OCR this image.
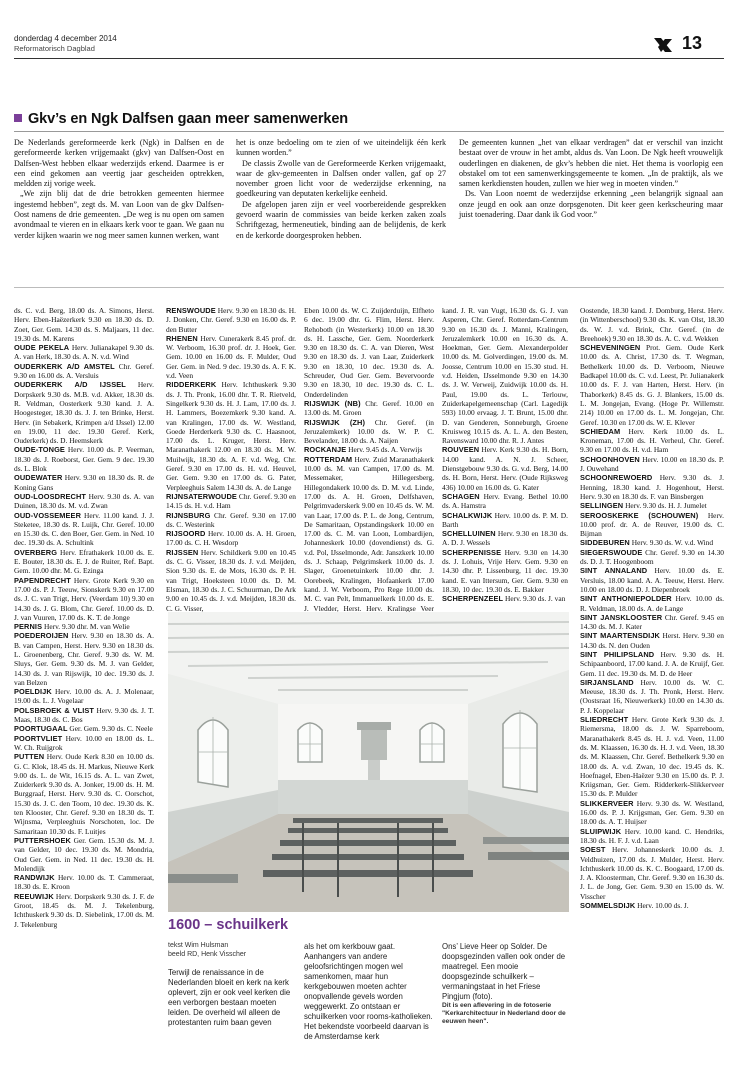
donderdag 4 december 2014
Reformatorisch Dagblad	13
Gkv’s en Ngk Dalfsen gaan meer samenwerken

De Nederlands gereformeerde kerk (Ngk) in Dalfsen en de gereformeerde kerken vrijgemaakt (gkv) van Dalfsen-Oost en Dalfsen-West hebben elkaar wederzijds erkend. Daarmee is er een eind gekomen aan veertig jaar gescheiden optrekken, meldden zij vorige week.

„We zijn blij dat de drie betrokken gemeenten hiermee ingestemd hebben”, zegt ds. M. van Loon van de gkv Dalfsen-Oost namens de drie gemeenten. „De weg is nu open om samen avondmaal te vieren en in elkaars kerk voor te gaan. We gaan nu verder kijken waarin we nog meer samen kunnen werken, want

het is onze bedoeling om te zien of we uiteindelijk één kerk kunnen worden.”

De classis Zwolle van de Gereformeerde Kerken vrijgemaakt, waar de gkv-gemeenten in Dalfsen onder vallen, gaf op 27 november groen licht voor de wederzijdse erkenning, na goedkeuring van deputaten kerkelijke eenheid.

De afgelopen jaren zijn er veel voorbereidende gesprekken gevoerd waarin de commissies van beide kerken zaken zoals Schriftgezag, hermeneutiek, binding aan de belijdenis, de kerk en de kerkorde doorgesproken hebben.

De gemeenten kunnen „het van elkaar verdragen” dat er verschil van inzicht bestaat over de vrouw in het ambt, aldus ds. Van Loon. De Ngk heeft vrouwelijk ouderlingen en diakenen, de gkv’s hebben die niet. Het thema is voorlopig een obstakel om tot een samenwerkingsgemeente te komen. „In de praktijk, als we samen kerkdiensten houden, zullen we hier weg in moeten vinden.”

Ds. Van Loon noemt de wederzijdse erkenning „een belangrijk signaal aan onze jeugd en ook aan onze dorpsgenoten. Dit keer geen kerkscheuring maar juist toenadering. Daar dank ik God voor.”

ds. C. v.d. Berg, 18.00 ds. A. Simons, Herst. Herv. Eben-Haëzerkerk 9.30 en 18.30 ds. D. Zoet, Ger. Gem. 14.30 ds. S. Maljaars, 11 dec. 19.30 ds. M. Karens

OUDE PEKELA Herv. Julianakapel 9.30 ds. A. van Herk, 18.30 ds. A. N. v.d. Wind

OUDERKERK A/D AMSTEL Chr. Geref. 9.30 en 16.00 ds. A. Versluis

OUDERKERK A/D IJSSEL Herv. Dorpskerk 9.30 ds. M.B. v.d. Akker, 18.30 ds. R. Veldman, Oosterkerk 9.30 kand. J. A. Hoogesteger, 18.30 ds. J. J. ten Brinke, Herst. Herv. (in Sebakerk, Krimpen a/d IJssel) 12.00 en 19.00, 11 dec. 19.30 Geref. Kerk, Ouderkerk) ds. D. Heemskerk

OUDE-TONGE Herv. 10.00 ds. P. Veerman, 18.30 ds. J. Roeborst, Ger. Gem. 9 dec. 19.30 ds. L. Blok

OUDEWATER Herv. 9.30 en 18.30 ds. R. de Koning Gans

OUD-LOOSDRECHT Herv. 9.30 ds. A. van Duinen, 18.30 ds. M. v.d. Zwan

OUD-VOSSEMEER Herv. 11.00 kand. J. J. Steketee, 18.30 ds. R. Luijk, Chr. Geref. 10.00 en 15.30 ds. C. den Boer, Ger. Gem. in Ned. 10 dec. 19.30 ds. A. Schultink

OVERBERG Herv. Efrathakerk 10.00 ds. E. E. Bouter, 18.30 ds. E. J. de Ruiter, Ref. Bapt. Gem. 10.00 dhr. M. G. Ezinga

PAPENDRECHT Herv. Grote Kerk 9.30 en 17.00 ds. P. J. Teeuw, Sionskerk 9.30 en 17.00 ds. J. C. van Trigt, Herv. (Veerdam 10) 9.30 en 14.30 ds. J. G. Blom, Chr. Geref. 10.00 ds. D. J. van Vuuren, 17.00 ds. K. T. de Jonge

PERNIS Herv. 9.30 dhr. M. van Welie

POEDEROIJEN Herv. 9.30 en 18.30 ds. A. B. van Campen, Herst. Herv. 9.30 en 18.30 ds. L. Groenenberg, Chr. Geref. 9.30 ds. W. M. Sluys, Ger. Gem. 9.30 ds. M. J. van Gelder, 14.30 ds. J. van Rijswijk, 10 dec. 19.30 ds. J. van Belzen

POELDIJK Herv. 10.00 ds. A. J. Molenaar, 19.00 ds. L. J. Vogelaar

POLSBROEK & VLIST Herv. 9.30 ds. J. T. Maas, 18.30 ds. C. Bos

POORTUGAAL Ger. Gem. 9.30 ds. C. Neele

POORTVLIET Herv. 10.00 en 18.00 ds. L. W. Ch. Ruijgrok

PUTTEN Herv. Oude Kerk 8.30 en 10.00 ds. G. C. Klok, 18.45 ds. H. Markus, Nieuwe Kerk 9.00 ds. L. de Wit, 16.15 ds. A. L. van Zwet, Zuiderkerk 9.30 ds. A. Jonker, 19.00 ds. H. M. Burggraaf, Herst. Herv. 9.30 ds. C. Oorschot, 15.30 ds. J. C. den Toom, 10 dec. 19.30 ds. K. ten Klooster, Chr. Geref. 9.30 en 18.30 ds. T. Wijnsma, Verpleeghuis Norschoten, loc. De Samaritaan 10.30 ds. F. Luitjes

PUTTERSHOEK Ger. Gem. 15.30 ds. M. J. van Gelder, 10 dec. 19.30 ds. M. Mondria, Oud Ger. Gem. in Ned. 11 dec. 19.30 ds. H. Molendijk

RANDWIJK Herv. 10.00 ds. T. Cammeraat, 18.30 ds. E. Kroon

REEUWIJK Herv. Dorpskerk 9.30 ds. J. F. de Groot, 18.45 ds. M. J. Tekelenburg, Ichthuskerk 9.30 ds. D. Siebelink, 17.00 ds. M. J. Tekelenburg

RENSWOUDE Herv. 9.30 en 18.30 ds. H. J. Donken, Chr. Geref. 9.30 en 16.00 ds. P. den Butter

RHENEN Herv. Cunerakerk 8.45 prof. dr. W. Verboom, 16.30 prof. dr. J. Hoek, Ger. Gem. 10.00 en 16.00 ds. F. Mulder, Oud Ger. Gem. in Ned. 9 dec. 19.30 ds. A. F. K. v.d. Veen

RIDDERKERK Herv. Ichthuskerk 9.30 ds. J. Th. Pronk, 16.00 dhr. T. R. Rietveld, Singelkerk 9.30 ds. H. J. Lam, 17.00 ds. J. H. Lammers, Boezemkerk 9.30 kand. A. van Kralingen, 17.00 ds. W. Westland, Goede Herderkerk 9.30 ds. C. Haasnoot, 17.00 ds. L. Kruger, Herst. Herv. Maranathakerk 12.00 en 18.30 ds. M. W. Muilwijk, 18.30 ds. A. F. v.d. Weg, Chr. Geref. 9.30 en 17.00 ds. H. v.d. Heuvel, Ger. Gem. 9.30 en 17.00 ds. G. Pater, Verpleeghuis Salem 14.30 ds. A. de Lange

RIJNSATERWOUDE Chr. Geref. 9.30 en 14.15 ds. H. v.d. Ham

RIJNSBURG Chr. Geref. 9.30 en 17.00 ds. C. Westerink

RIJSOORD Herv. 10.00 ds. A. H. Groen, 17.00 ds. C. H. Wesdorp

RIJSSEN Herv. Schildkerk 9.00 en 10.45 ds. C. G. Visser, 18.30 ds. J. v.d. Meijden, Sion 9.30 ds. E. de Mots, 16.30 ds. P. H. van Trigt, Hoeksteen 10.00 ds. D. M. Elsman, 18.30 ds. J. C. Schuurman, De Ark 9.00 en 10.45 ds. J. v.d. Meijden, 18.30 ds. C. G. Visser,

Eben 10.00 ds. W. C. Zuijderduijn, Elfheto 6 dec. 19.00 dhr. G. Flim, Herst. Herv. Rehoboth (in Westerkerk) 10.00 en 18.30 ds. H. Lassche, Ger. Gem. Noorderkerk 9.30 en 18.30 ds. C. A. van Dieren, West 9.30 en 18.30 ds. J. van Laar, Zuiderkerk 9.30 en 18.30, 10 dec. 19.30 ds. A. Schreuder, Oud Ger. Gem. Bevervoorde 9.30 en 18.30, 10 dec. 19.30 ds. C. L. Onderdelinden

RIJSWIJK (NB) Chr. Geref. 10.00 en 13.00 ds. M. Groen

RIJSWIJK (ZH) Chr. Geref. (in Jeruzalemkerk) 10.00 ds. W. P. C. Bevelander, 18.00 ds. A. Naijen

ROCKANJE Herv. 9.45 ds. A. Verwijs

ROTTERDAM Herv. Zuid Maranathakerk 10.00 ds. M. van Campen, 17.00 ds. M. Messemaker, Hillegersberg, Hillegondakerk 10.00 ds. D. M. v.d. Linde, 17.00 ds. A. H. Groen, Delfshaven, Pelgrimvaderskerk 9.00 en 10.45 ds. W. M. van Laar, 17.00 ds. P. L. de Jong, Centrum, De Samaritaan, Opstandingskerk 10.00 en 17.00 ds. C. M. van Loon, Lombardijen, Johanneskerk 10.00 (dovendienst) ds. G. v.d. Pol, IJsselmonde, Adr. Janszkerk 10.00 ds. J. Schaap, Pelgrimskerk 10.00 ds. J. Slager, Groenetuinkerk 10.00 dhr. J. Oorebeek, Kralingen, Hofaankerk 17.00 kand. J. W. Verboom, Pro Rege 10.00 ds. M. C. van Pelt, Immanuelkerk 10.00 ds. E. J. Vledder, Herst. Herv. Kralingse Veer

kand. J. R. van Vugt, 16.30 ds. G. J. van Asperen, Chr. Geref. Rotterdam-Centrum 9.30 en 16.30 ds. J. Manni, Kralingen, Jeruzalemkerk 10.00 en 16.30 ds. A. Hoekman, Ger. Gem. Alexanderpolder 10.00 ds. M. Golverdingen, 19.00 ds. M. Joosse, Centrum 10.00 en 15.30 stud. H. v.d. Heiden, IJsselmonde 9.30 en 14.30 ds. J. W. Verweij, Zuidwijk 10.00 ds. H. Paul, 19.00 ds. L. Terlouw, Zuiderkapelgemeenschap (Carl. Lagedijk 593) 10.00 ervaag. J. T. Brunt, 15.00 dhr. D. van Genderen, Sonneburgh, Groene Kruisweg 10.15 ds. A. L. A. den Besten, Ravensward 10.00 dhr. R. J. Antes

ROUVEEN Herv. Kerk 9.30 ds. H. Born, 14.00 kand. A. N. J. Scheer, Dienstgebouw 9.30 ds. G. v.d. Berg, 14.00 ds. H. Born, Herst. Herv. (Oude Rijksweg 436) 10.00 en 16.00 ds. G. Kater

SCHAGEN Herv. Evang. Bethel 10.00 ds. A. Hamstra

SCHALKWIJK Herv. 10.00 ds. P. M. D. Barth

SCHELLUINEN Herv. 9.30 en 18.30 ds. A. D. J. Wessels

SCHERPENISSE Herv. 9.30 en 14.30 ds. J. Lohuis, Vrije Herv. Gem. 9.30 en 14.30 dhr. P. Lissenburg, 11 dec. 19.30 kand. E. van Ittersum, Ger. Gem. 9.30 en 18.30, 10 dec. 19.30 ds. E. Bakker

SCHERPENZEEL Herv. 9.30 ds. J. van

Oostende, 18.30 kand. J. Domburg, Herst. Herv. (in Wittenberschool) 9.30 ds. K. van Olst, 18.30 ds. W. J. v.d. Brink, Chr. Geref. (in de Breehoek) 9.30 en 18.30 ds. A. C. v.d. Wekken

SCHEVENINGEN Prot. Gem. Oude Kerk 10.00 ds. A. Christ, 17.30 ds. T. Wegman, Bethelkerk 10.00 ds. D. Verboom, Nieuwe Badkapel 10.00 ds. C. v.d. Leest, Pr. Julianakerk 10.00 ds. F. J. van Harten, Herst. Herv. (in Thaborkerk) 8.45 ds. G. J. Blankers, 15.00 ds. L. M. Jongejan, Evang. (Hoge Pr. Willemstr. 214) 10.00 en 17.00 ds. L. M. Jongejan, Chr. Geref. 10.30 en 17.00 ds. W. E. Klever

SCHIEDAM Herv. Kerk 10.00 ds. L. Kroneman, 17.00 ds. H. Verheul, Chr. Geref. 9.30 en 17.00 ds. H. v.d. Ham

SCHOONHOVEN Herv. 10.00 en 18.30 ds. P. J. Ouwehand

SCHOONREWOERD Herv. 9.30 ds. J. Henning, 18.30 kand. J. Hogenhout, Herst. Herv. 9.30 en 18.30 ds. F. van Binsbergen

SELLINGEN Herv. 9.30 ds. H. J. Jumelet

SEROOSKERKE (SCHOUWEN) Herv. 10.00 prof. dr. A. de Reuver, 19.00 ds. C. Bijman

SIDDEBUREN Herv. 9.30 ds. W. v.d. Wind

SIEGERSWOUDE Chr. Geref. 9.30 en 14.30 ds. D. J. T. Hoogenboom

SINT ANNALAND Herv. 10.00 ds. E. Versluis, 18.00 kand. A. A. Teeuw, Herst. Herv. 10.00 en 18.00 ds. D. J. Diepenbroek

SINT ANTHONIEPOLDER Herv. 10.00 ds. R. Veldman, 18.00 ds. A. de Lange

SINT JANSKLOOSTER Chr. Geref. 9.45 en 14.30 ds. M. J. Kater

SINT MAARTENSDIJK Herst. Herv. 9.30 en 14.30 ds. N. den Ouden

SINT PHILIPSLAND Herv. 9.30 ds. H. Schipaanboord, 17.00 kand. J. A. de Kruijf, Ger. Gem. 11 dec. 19.30 ds. M. D. de Heer

SIRJANSLAND Herv. 10.00 ds. W. C. Meeuse, 18.30 ds. J. Th. Pronk, Herst. Herv. (Oostsraat 16, Nieuwerkerk) 10.00 en 14.30 ds. P. J. Koppelaar

SLIEDRECHT Herv. Grote Kerk 9.30 ds. J. Riemersma, 18.00 ds. J. W. Sparreboom, Maranathakerk 8.45 ds. H. J. v.d. Veen, 11.00 ds. M. Klaassen, 16.30 ds. H. J. v.d. Veen, 18.30 ds. M. Klaassen, Chr. Geref. Bethelkerk 9.30 en 18.00 ds. A. v.d. Zwan, 10 dec. 19.45 ds. K. Hoefnagel, Eben-Haëzer 9.30 en 15.00 ds. P. J. Kriigsman, Ger. Gem. Ridderkerk-Slikkerveer 15.30 ds. P. Mulder

SLIKKERVEER Herv. 9.30 ds. W. Westland, 16.00 ds. P. J. Krijgsman, Ger. Gem. 9.30 en 18.00 ds. A. T. Huijser

SLUIPWIJK Herv. 10.00 kand. C. Hendriks, 18.30 ds. H. F. J. v.d. Laan

SOEST Herv. Johanneskerk 10.00 ds. J. Veldhuizen, 17.00 ds. J. Mulder, Herst. Herv. Ichthuskerk 10.00 ds. K. C. Boogaard, 17.00 ds. J. A. Kloosterman, Chr. Geref. 9.30 en 16.30 ds. J. L. de Jong, Ger. Gem. 9.30 en 15.00 ds. W. Visscher

SOMMELSDIJK Herv. 10.00 ds. J.

1600 – schuilkerk
tekst Wim Hulsman
beeld RD, Henk Visscher
Terwijl de renaissance in de Nederlanden bloeit en kerk na kerk oplevert, zijn er ook veel kerken die een verborgen bestaan moeten leiden. De overheid wil alleen de protestanten ruim baan geven
als het om kerkbouw gaat. Aanhangers van andere geloofsrichtingen mogen wel samenkomen, maar hun kerkgebouwen moeten achter onopvallende gevels worden weggewerkt. Zo ontstaan er schuilkerken voor rooms-katholieken. Het bekendste voorbeeld daarvan is de Amsterdamse kerk
Ons’ Lieve Heer op Solder. De doopsgezinden vallen ook onder de maatregel. Een mooie doopsgezinde schuilkerk –vermaningstaat in het Friese Pingjum (foto).
Dit is een aflevering in de fotoserie "Kerkarchitectuur in Nederland door de eeuwen heen".
